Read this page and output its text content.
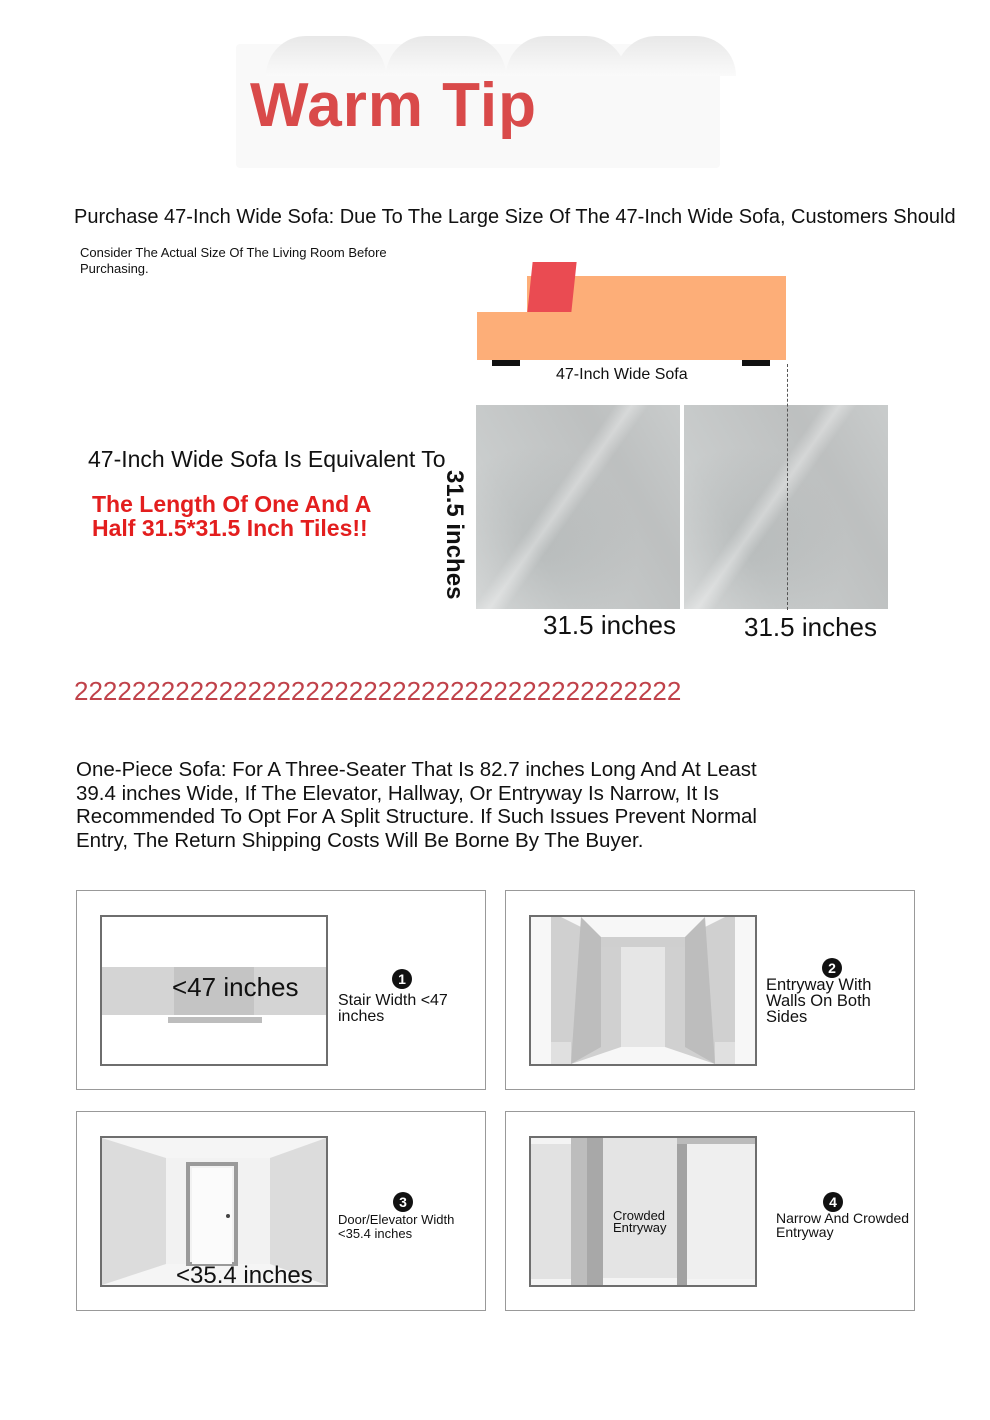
Warm Tip
Purchase 47-Inch Wide Sofa: Due To The Large Size Of The 47-Inch Wide Sofa, Customers Should
Consider The Actual Size Of The Living Room Before Purchasing.
47-Inch Wide Sofa
47-Inch Wide Sofa Is Equivalent To
The Length Of One And A Half 31.5*31.5 Inch Tiles!!	31.5 inches
31.5 inches	31.5 inches
222222222222222222222222222222222222222222
One-Piece Sofa: For A Three-Seater That Is 82.7 inches Long And At Least 39.4 inches Wide, If The Elevator, Hallway, Or Entryway Is Narrow, It Is Recommended To Opt For A Split Structure. If Such Issues Prevent Normal Entry, The Return Shipping Costs Will Be Borne By The Buyer.
<47 inches	1
Stair Width <47 inches
2
Entryway With Walls On Both Sides
<35.4 inches
3
Door/Elevator Width <35.4 inches
Crowded Entryway
4
Narrow And Crowded Entryway
